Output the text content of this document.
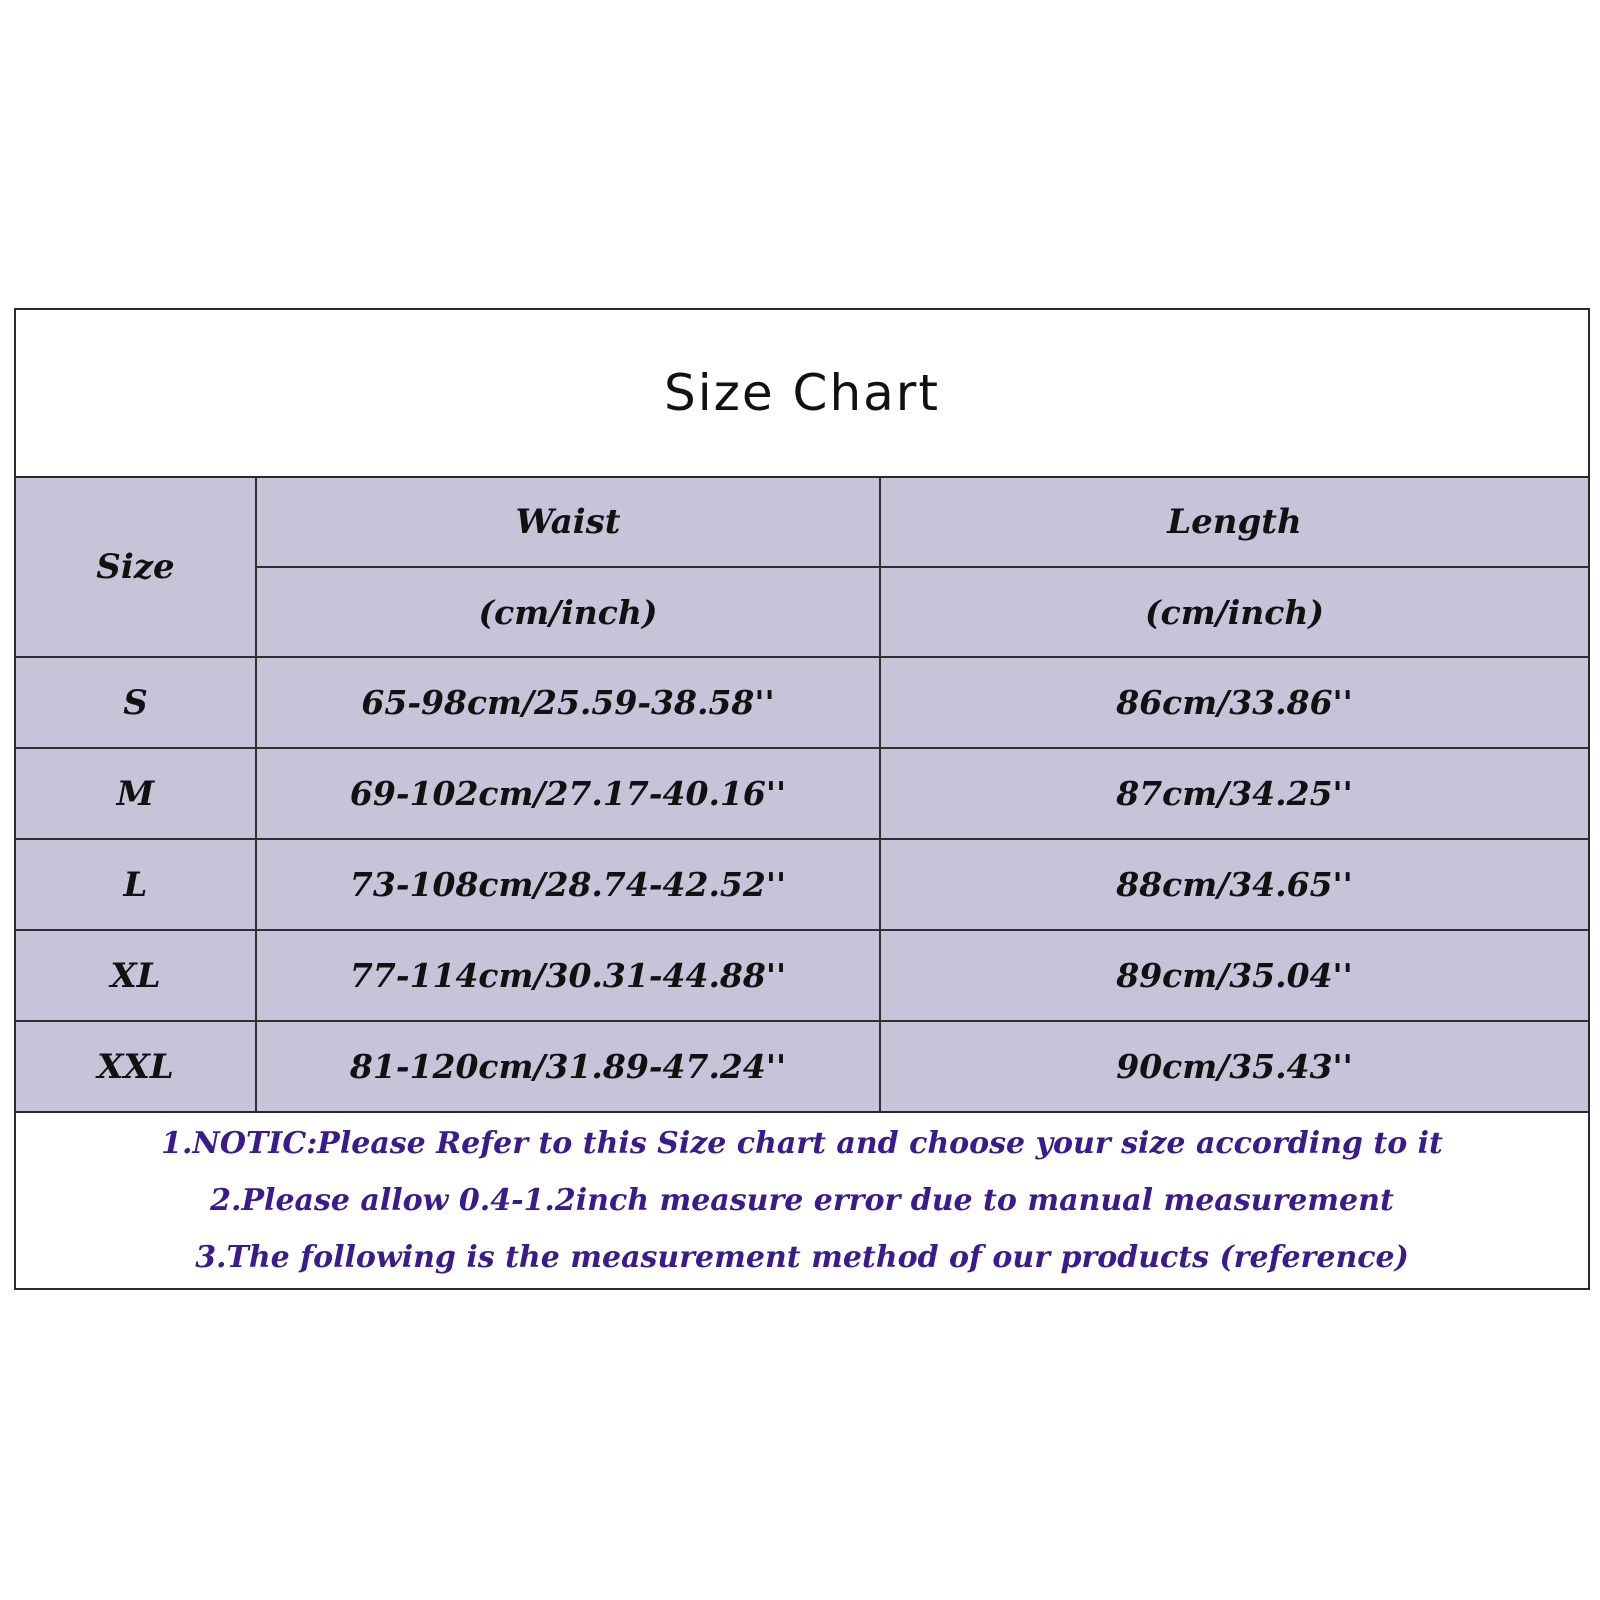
Size Chart
Size	Waist	Length
	(cm/inch)	(cm/inch)
S	65-98cm/25.59-38.58''	86cm/33.86''
M	69-102cm/27.17-40.16''	87cm/34.25''
L	73-108cm/28.74-42.52''	88cm/34.65''
XL	77-114cm/30.31-44.88''	89cm/35.04''
XXL	81-120cm/31.89-47.24''	90cm/35.43''
1.NOTIC:Please Refer to this Size chart and choose your size according to it
2.Please allow 0.4-1.2inch measure error due to manual measurement
3.The following is the measurement method of our products (reference)
